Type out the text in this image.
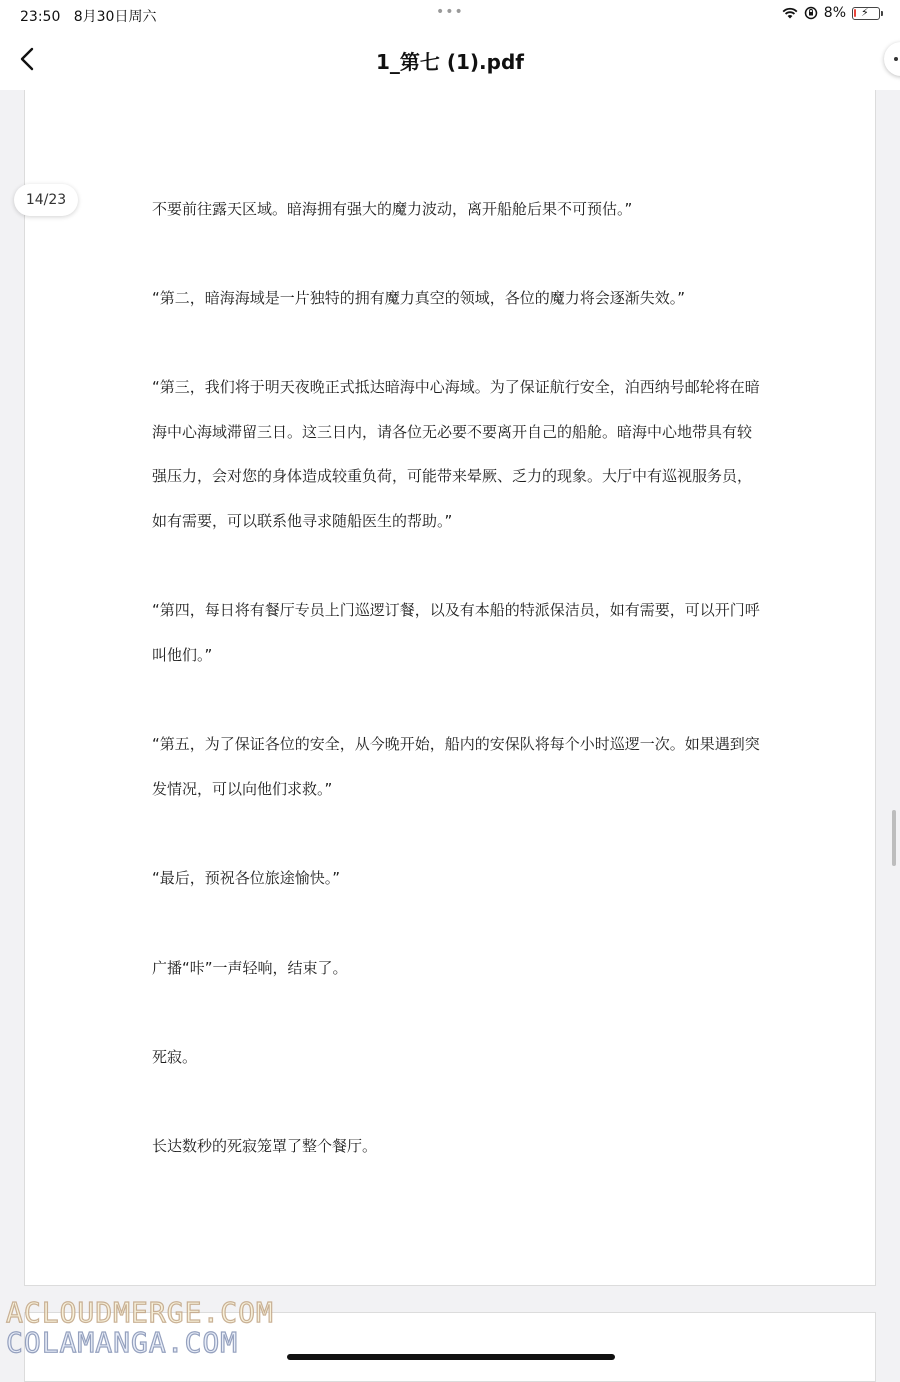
23:50 8月30日周六	•••	8% ⚡
1_第七 (1).pdf
14/23	不要前往露天区域。暗海拥有强大的魔力波动，离开船舱后果不可预估。”
“第二，暗海海域是一片独特的拥有魔力真空的领域，各位的魔力将会逐渐失效。”
“第三，我们将于明天夜晚正式抵达暗海中心海域。为了保证航行安全，泊西纳号邮轮将在暗海中心海域滞留三日。这三日内，请各位无必要不要离开自己的船舱。暗海中心地带具有较强压力，会对您的身体造成较重负荷，可能带来晕厥、乏力的现象。大厅中有巡视服务员，如有需要，可以联系他寻求随船医生的帮助。”
“第四，每日将有餐厅专员上门巡逻订餐，以及有本船的特派保洁员，如有需要，可以开门呼叫他们。”
“第五，为了保证各位的安全，从今晚开始，船内的安保队将每个小时巡逻一次。如果遇到突发情况，可以向他们求救。”
“最后，预祝各位旅途愉快。”
广播“咔”一声轻响，结束了。
死寂。
长达数秒的死寂笼罩了整个餐厅。
ACLOUDMERGE.COM
COLAMANGA.COM
